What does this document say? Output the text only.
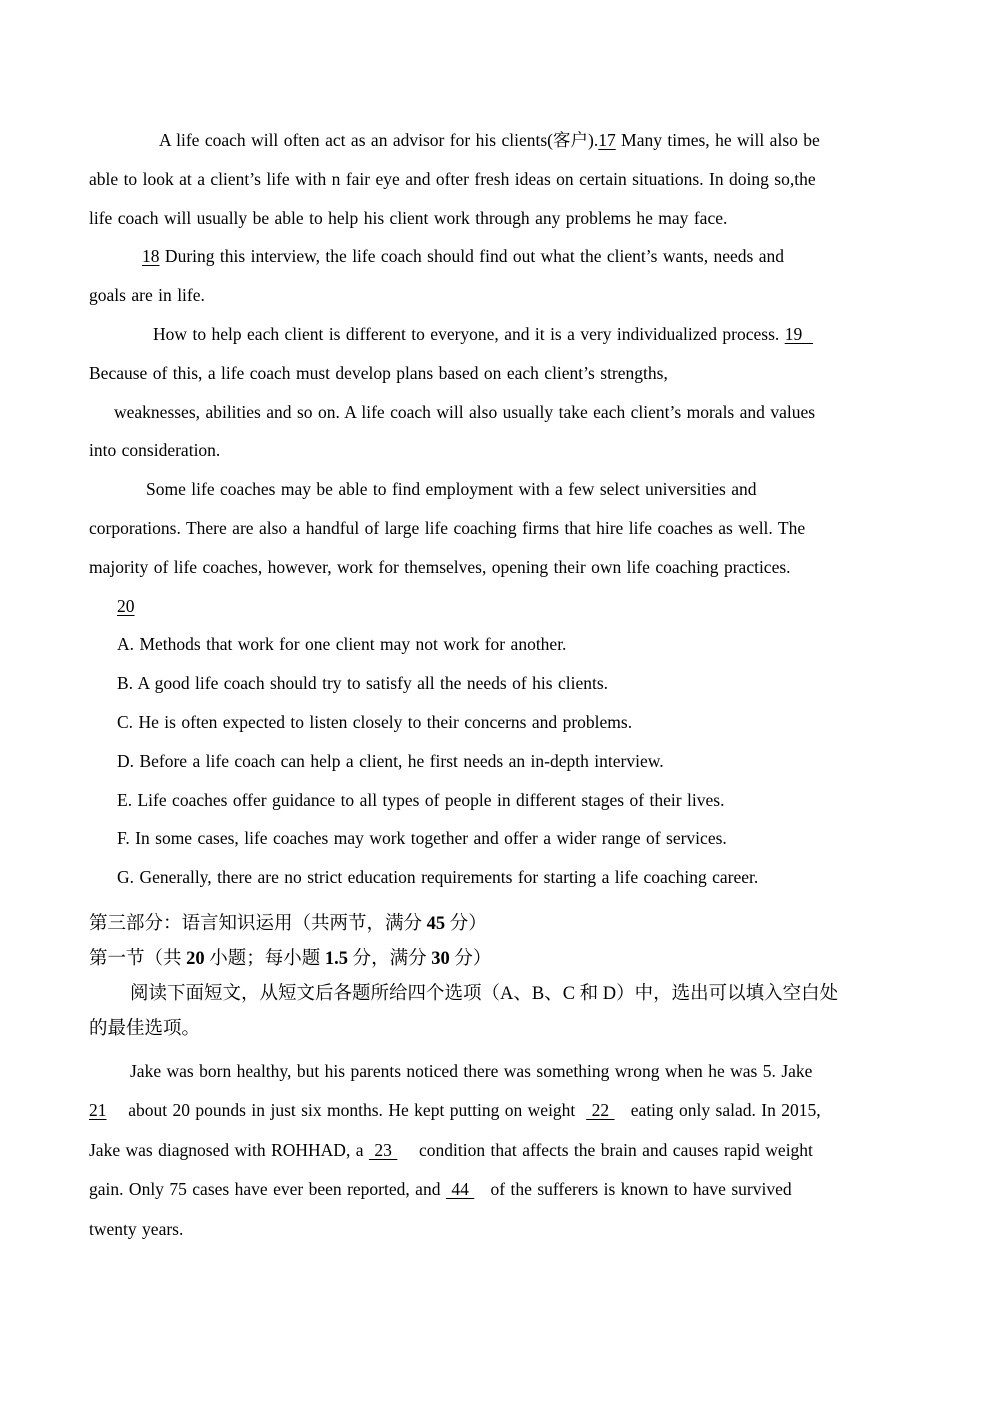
A life coach will often act as an advisor for his clients(客户).17 Many times, he will also be
able to look at a client’s life with n fair eye and ofter fresh ideas on certain situations. In doing so,the
life coach will usually be able to help his client work through any problems he may face.
18 During this interview, the life coach should find out what the client’s wants, needs and
goals are in life.
How to help each client is different to everyone, and it is a very individualized process. 19
Because of this, a life coach must develop plans based on each client’s strengths,
weaknesses, abilities and so on. A life coach will also usually take each client’s morals and values
into consideration.
Some life coaches may be able to find employment with a few select universities and
corporations. There are also a handful of large life coaching firms that hire life coaches as well. The
majority of life coaches, however, work for themselves, opening their own life coaching practices.
20
A. Methods that work for one client may not work for another.
B. A good life coach should try to satisfy all the needs of his clients.
C. He is often expected to listen closely to their concerns and problems.
D. Before a life coach can help a client, he first needs an in-depth interview.
E. Life coaches offer guidance to all types of people in different stages of their lives.
F. In some cases, life coaches may work together and offer a wider range of services.
G. Generally, there are no strict education requirements for starting a life coaching career.
第三部分：语言知识运用（共两节，满分 45 分）
第一节（共 20 小题；每小题 1.5 分，满分 30 分）
阅读下面短文，从短文后各题所给四个选项（A、B、C 和 D）中，选出可以填入空白处
的最佳选项。
Jake was born healthy, but his parents noticed there was something wrong when he was 5. Jake
21    about 20 pounds in just six months. He kept putting on weight   22    eating only salad. In 2015,
Jake was diagnosed with ROHHAD, a  23     condition that affects the brain and causes rapid weight
gain. Only 75 cases have ever been reported, and  44    of the sufferers is known to have survived
twenty years.
